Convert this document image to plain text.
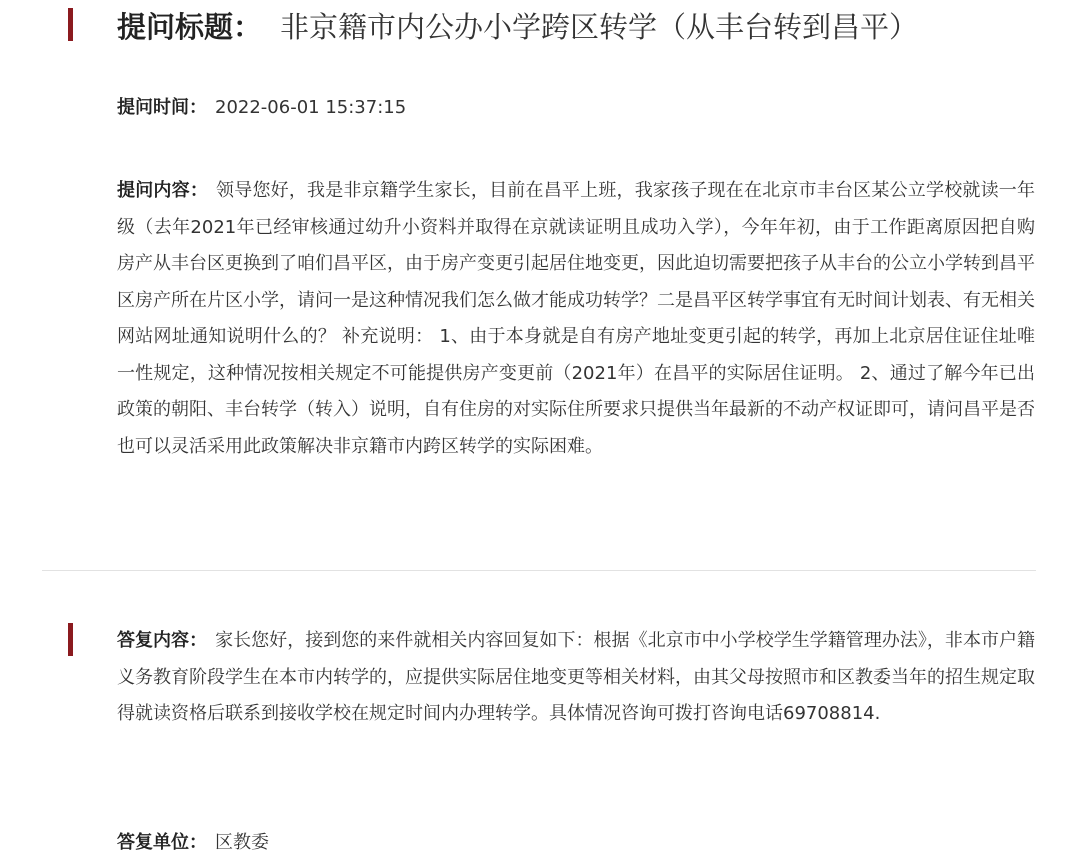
提问标题： 非京籍市内公办小学跨区转学（从丰台转到昌平）
提问时间： 2022-06-01 15:37:15
提问内容： 领导您好，我是非京籍学生家长，目前在昌平上班，我家孩子现在在北京市丰台区某公立学校就读一年级（去年2021年已经审核通过幼升小资料并取得在京就读证明且成功入学），今年年初，由于工作距离原因把自购房产从丰台区更换到了咱们昌平区，由于房产变更引起居住地变更，因此迫切需要把孩子从丰台的公立小学转到昌平区房产所在片区小学，请问一是这种情况我们怎么做才能成功转学？二是昌平区转学事宜有无时间计划表、有无相关网站网址通知说明什么的？ 补充说明： 1、由于本身就是自有房产地址变更引起的转学，再加上北京居住证住址唯一性规定，这种情况按相关规定不可能提供房产变更前（2021年）在昌平的实际居住证明。 2、通过了解今年已出政策的朝阳、丰台转学（转入）说明，自有住房的对实际住所要求只提供当年最新的不动产权证即可，请问昌平是否也可以灵活采用此政策解决非京籍市内跨区转学的实际困难。
答复内容： 家长您好，接到您的来件就相关内容回复如下：根据《北京市中小学校学生学籍管理办法》，非本市户籍义务教育阶段学生在本市内转学的，应提供实际居住地变更等相关材料，由其父母按照市和区教委当年的招生规定取得就读资格后联系到接收学校在规定时间内办理转学。具体情况咨询可拨打咨询电话69708814.
答复单位： 区教委
